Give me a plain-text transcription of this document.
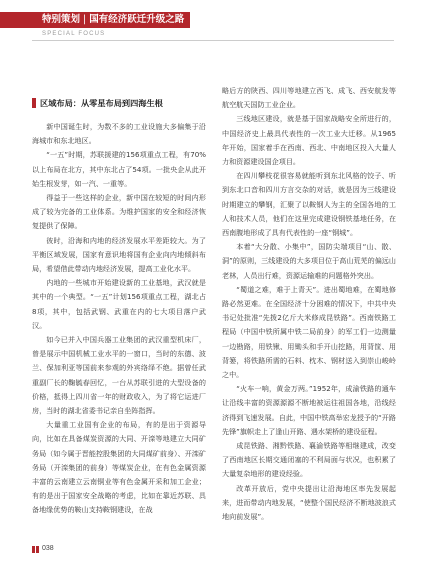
特别策划 | 国有经济跃迁升级之路
SPECIAL FOCUS
区域布局：从零星布局到四海生根

新中国诞生时，为数不多的工业设施大多偏集于沿海城市和东北地区。

“一五”时期，苏联援建的156项重点工程，有70%以上布局在北方，其中东北占了54项。一批央企从此开始生根发芽，如一汽、一重等。

得益于一些这样的企业，新中国在较短的时间内形成了较为完备的工业体系。为维护国家的安全和经济恢复提供了保障。

彼时，沿海和内地的经济发展水平差距较大。为了平衡区域发展，国家有意识地将国有企业向内地倾斜布局，希望借此带动内地经济发展，提高工业化水平。

内地的一些城市开始建设新的工业基地，武汉就是其中的一个典型。“一五”计划156项重点工程，湖北占8项，其中，包括武钢、武重在内的七大项目落户武汉。

如今已并入中国兵器工业集团的武汉重型机床厂，曾是展示中国机械工业水平的一窗口，当时的东德、波兰、保加利亚等国前来参观的外宾络绎不绝。据曾任武重副厂长的鞠毓春回忆，一台从苏联引进的大型设备的价格，抵得上四川省一年的财政收入，为了将它运进厂房，当时的湖北省委书记亲自坐阵指挥。

大量重工业国有企业的布局，有的是出于资源导向，比如在具备煤炭资源的大同、开滦等地建立大同矿务局（如今属于晋能控股集团的大同煤矿前身）、开滦矿务局（开滦集团的前身）等煤炭企业，在有色金属资源丰富的云南建立云南铜业等有色金属开采和加工企业；有的是出于国家安全战略的考虑，比如在靠近苏联、具备地缘优势的鞍山支持鞍钢建设，在战

略后方的陕西、四川等地建立西飞、成飞、西安航发等航空航天国防工业企业。

三线地区建设，就是基于国家战略安全所进行的，中国经济史上最具代表性的一次工业大迁移。从1965年开始，国家着手在西南、西北、中南地区投入大量人力和资源建设国企项目。

在四川攀枝花很容易就能听到东北风格的饺子、听到东北口音和四川方言交杂的对话，就是因为三线建设时期建立的攀钢，汇聚了以鞍钢人为主的全国各地的工人和技术人员，他们在这里完成建设钢铁基地任务，在西南腹地形成了具有代表性的一座“钢城”。

本着“大分散、小集中”，国防尖端项目“山、散、洞”的原则，三线建设的大多项目位于高山荒芜的偏远山老林，人员出行难，资源运输难的问题格外突出。

“蜀道之难，难于上青天”。进出蜀地难，在蜀地修路必然更难。在全国经济十分困难的情况下，中共中央书记处批准“先拨2亿斤大米修成昆铁路”。西南铁路工程局（中国中铁所属中铁二局前身）的军工们一边测量一边勘路，用铁锹、用锄头和手开山挖路，用背筐、用背篓，将铁路所需的石料、枕木、钢材送入到崇山峻岭之中。

“火车一响，黄金万两。”1952年，成渝铁路的通车让沿线丰富的资源源源不断地被运往祖国各地，沿线经济得到飞速发展。自此，中国中铁高举宏龙授予的“开路先锋”旗帜走上了逢山开路、遇水架桥的建设征程。

成昆铁路、湘黔铁路、襄渝铁路等相继建成，改变了西南地区长期交通闭塞的不利局面与状况，也积累了大量复杂地形的建设经验。

改革开放后，党中央提出让沿海地区率先发展起来，进而带动内地发展，“使整个国民经济不断地波浪式地向前发展”。

038
